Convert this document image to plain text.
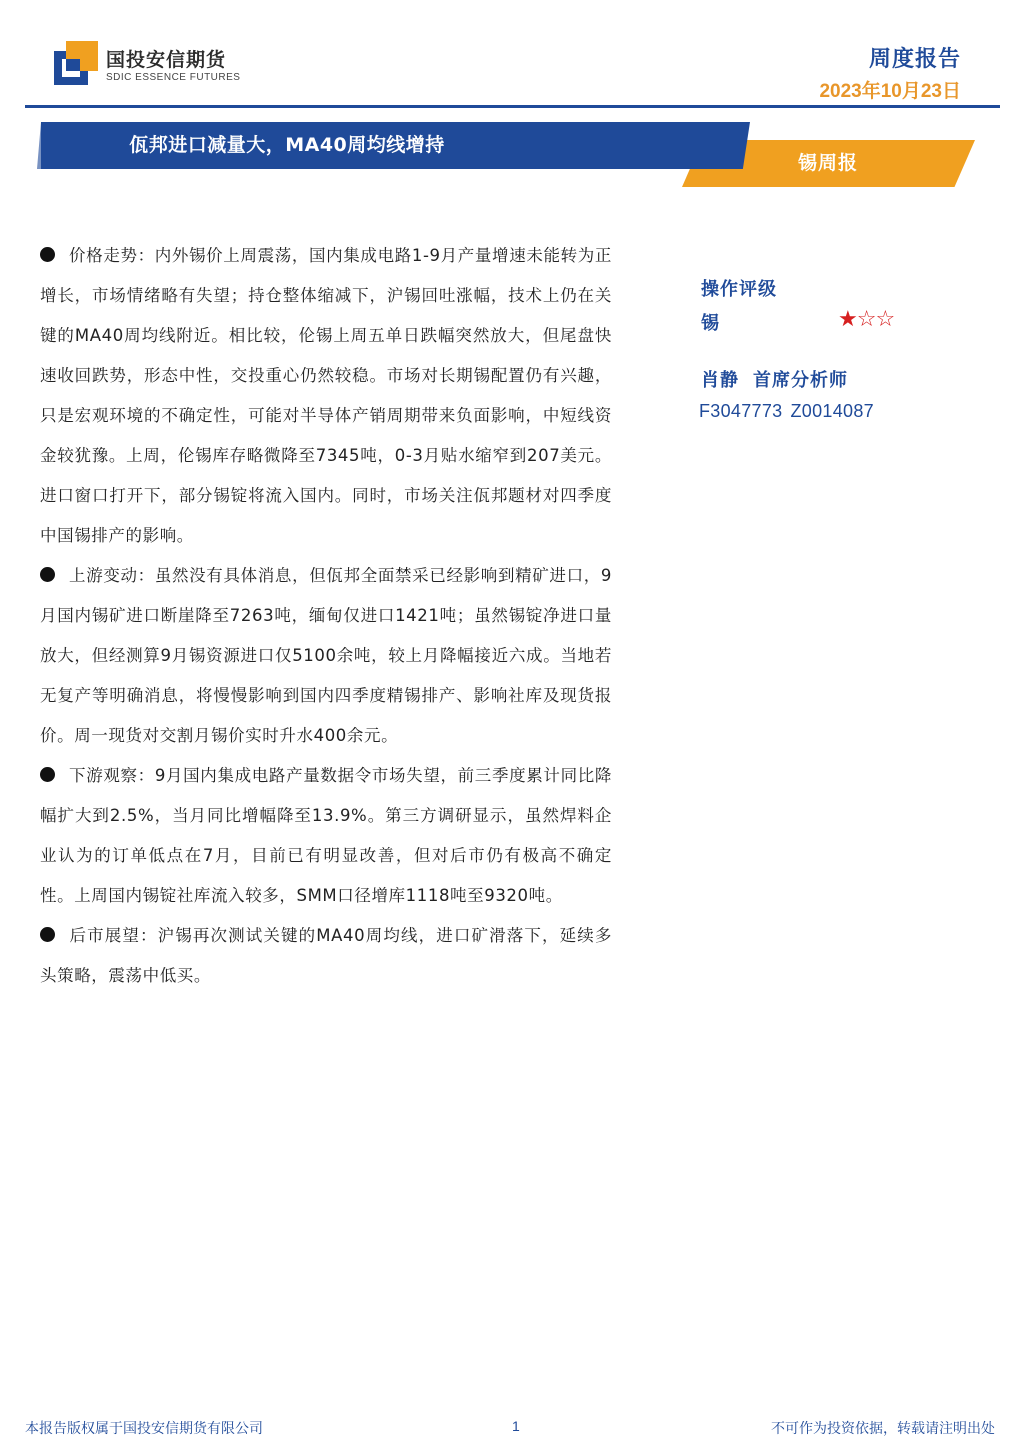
国投安信期货
SDIC ESSENCE FUTURES
周度报告
2023年10月23日
锡周报
佤邦进口减量大，MA40周均线增持

价格走势：内外锡价上周震荡，国内集成电路1-9月产量增速未能转为正增长，市场情绪略有失望；持仓整体缩减下，沪锡回吐涨幅，技术上仍在关键的MA40周均线附近。相比较，伦锡上周五单日跌幅突然放大，但尾盘快速收回跌势，形态中性，交投重心仍然较稳。市场对长期锡配置仍有兴趣，只是宏观环境的不确定性，可能对半导体产销周期带来负面影响，中短线资金较犹豫。上周，伦锡库存略微降至7345吨，0-3月贴水缩窄到207美元。进口窗口打开下，部分锡锭将流入国内。同时，市场关注佤邦题材对四季度中国锡排产的影响。

上游变动：虽然没有具体消息，但佤邦全面禁采已经影响到精矿进口，9月国内锡矿进口断崖降至7263吨，缅甸仅进口1421吨；虽然锡锭净进口量放大，但经测算9月锡资源进口仅5100余吨，较上月降幅接近六成。当地若无复产等明确消息，将慢慢影响到国内四季度精锡排产、影响社库及现货报价。周一现货对交割月锡价实时升水400余元。

下游观察：9月国内集成电路产量数据令市场失望，前三季度累计同比降幅扩大到2.5%，当月同比增幅降至13.9%。第三方调研显示，虽然焊料企业认为的订单低点在7月，目前已有明显改善，但对后市仍有极高不确定性。上周国内锡锭社库流入较多，SMM口径增库1118吨至9320吨。

后市展望：沪锡再次测试关键的MA40周均线，进口矿滑落下，延续多头策略，震荡中低买。

操作评级
锡	★☆☆
肖静 首席分析师
F3047773 Z0014087
本报告版权属于国投安信期货有限公司	1	不可作为投资依据，转载请注明出处
